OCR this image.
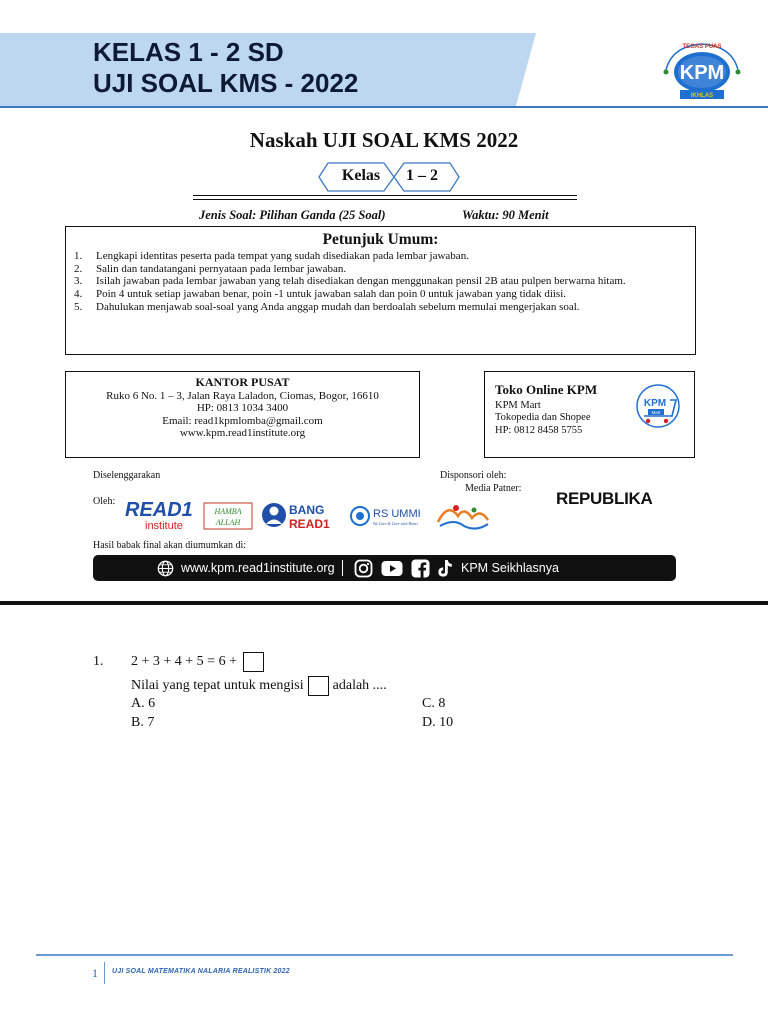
KELAS 1 - 2 SD
UJI SOAL KMS - 2022
TEGAS PUAS
KPM
IKHLAS
Naskah UJI SOAL KMS 2022
Kelas	1 – 2
Jenis Soal: Pilihan Ganda (25 Soal)	Waktu: 90 Menit
Petunjuk Umum:
1.	Lengkapi identitas peserta pada tempat yang sudah disediakan pada lembar jawaban.
2.	Salin dan tandatangani pernyataan pada lembar jawaban.
3.	Isilah jawaban pada lembar jawaban yang telah disediakan dengan menggunakan pensil 2B atau pulpen berwarna hitam.
4.	Poin 4 untuk setiap jawaban benar, poin -1 untuk jawaban salah dan poin 0 untuk jawaban yang tidak diisi.
5.	Dahulukan menjawab soal-soal yang Anda anggap mudah dan berdoalah sebelum memulai mengerjakan soal.
KANTOR PUSAT
Ruko 6 No. 1 – 3, Jalan Raya Laladon, Ciomas, Bogor, 16610
HP: 0813 1034 3400
Email: read1kpmlomba@gmail.com
www.kpm.read1institute.org
Toko Online KPM
KPM Mart
Tokopedia dan Shopee
HP: 0812 8458 5755
KPM
Mart
Diselenggarakan
Oleh:
Disponsori oleh:
Media Patner:
READ1
institute
HAMBA
ALLAH
BANG
READ1
RS UMMI
We Care & Cure with Heart
REPUBLIKA
Hasil babak final akan diumumkan di:
www.kpm.read1institute.org	KPM Seikhlasnya
1. 2 + 3 + 4 + 5 = 6 +
Nilai yang tepat untuk mengisi adalah ....
A. 6	C. 8
B. 7	D. 10
1 UJI SOAL MATEMATIKA NALARIA REALISTIK 2022
